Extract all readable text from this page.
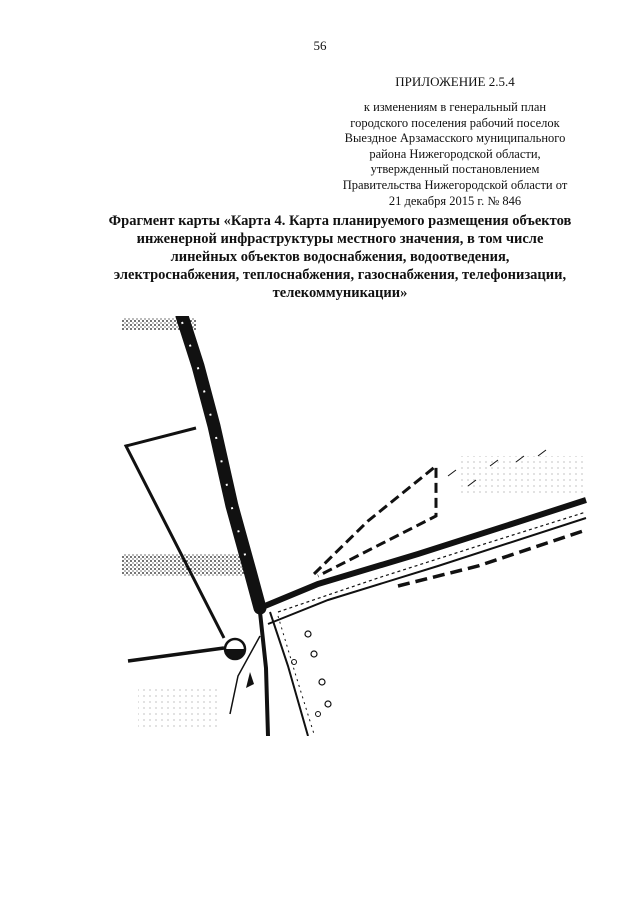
56
ПРИЛОЖЕНИЕ 2.5.4
к изменениям в генеральный план
городского поселения рабочий поселок
Выездное Арзамасского муниципального
района Нижегородской области,
утвержденный постановлением
Правительства Нижегородской области от
21 декабря 2015 г. № 846
Фрагмент карты «Карта 4. Карта планируемого размещения объектов
инженерной инфраструктуры местного значения, в том числе
линейных объектов водоснабжения, водоотведения,
электроснабжения, теплоснабжения, газоснабжения, телефонизации,
телекоммуникации»
